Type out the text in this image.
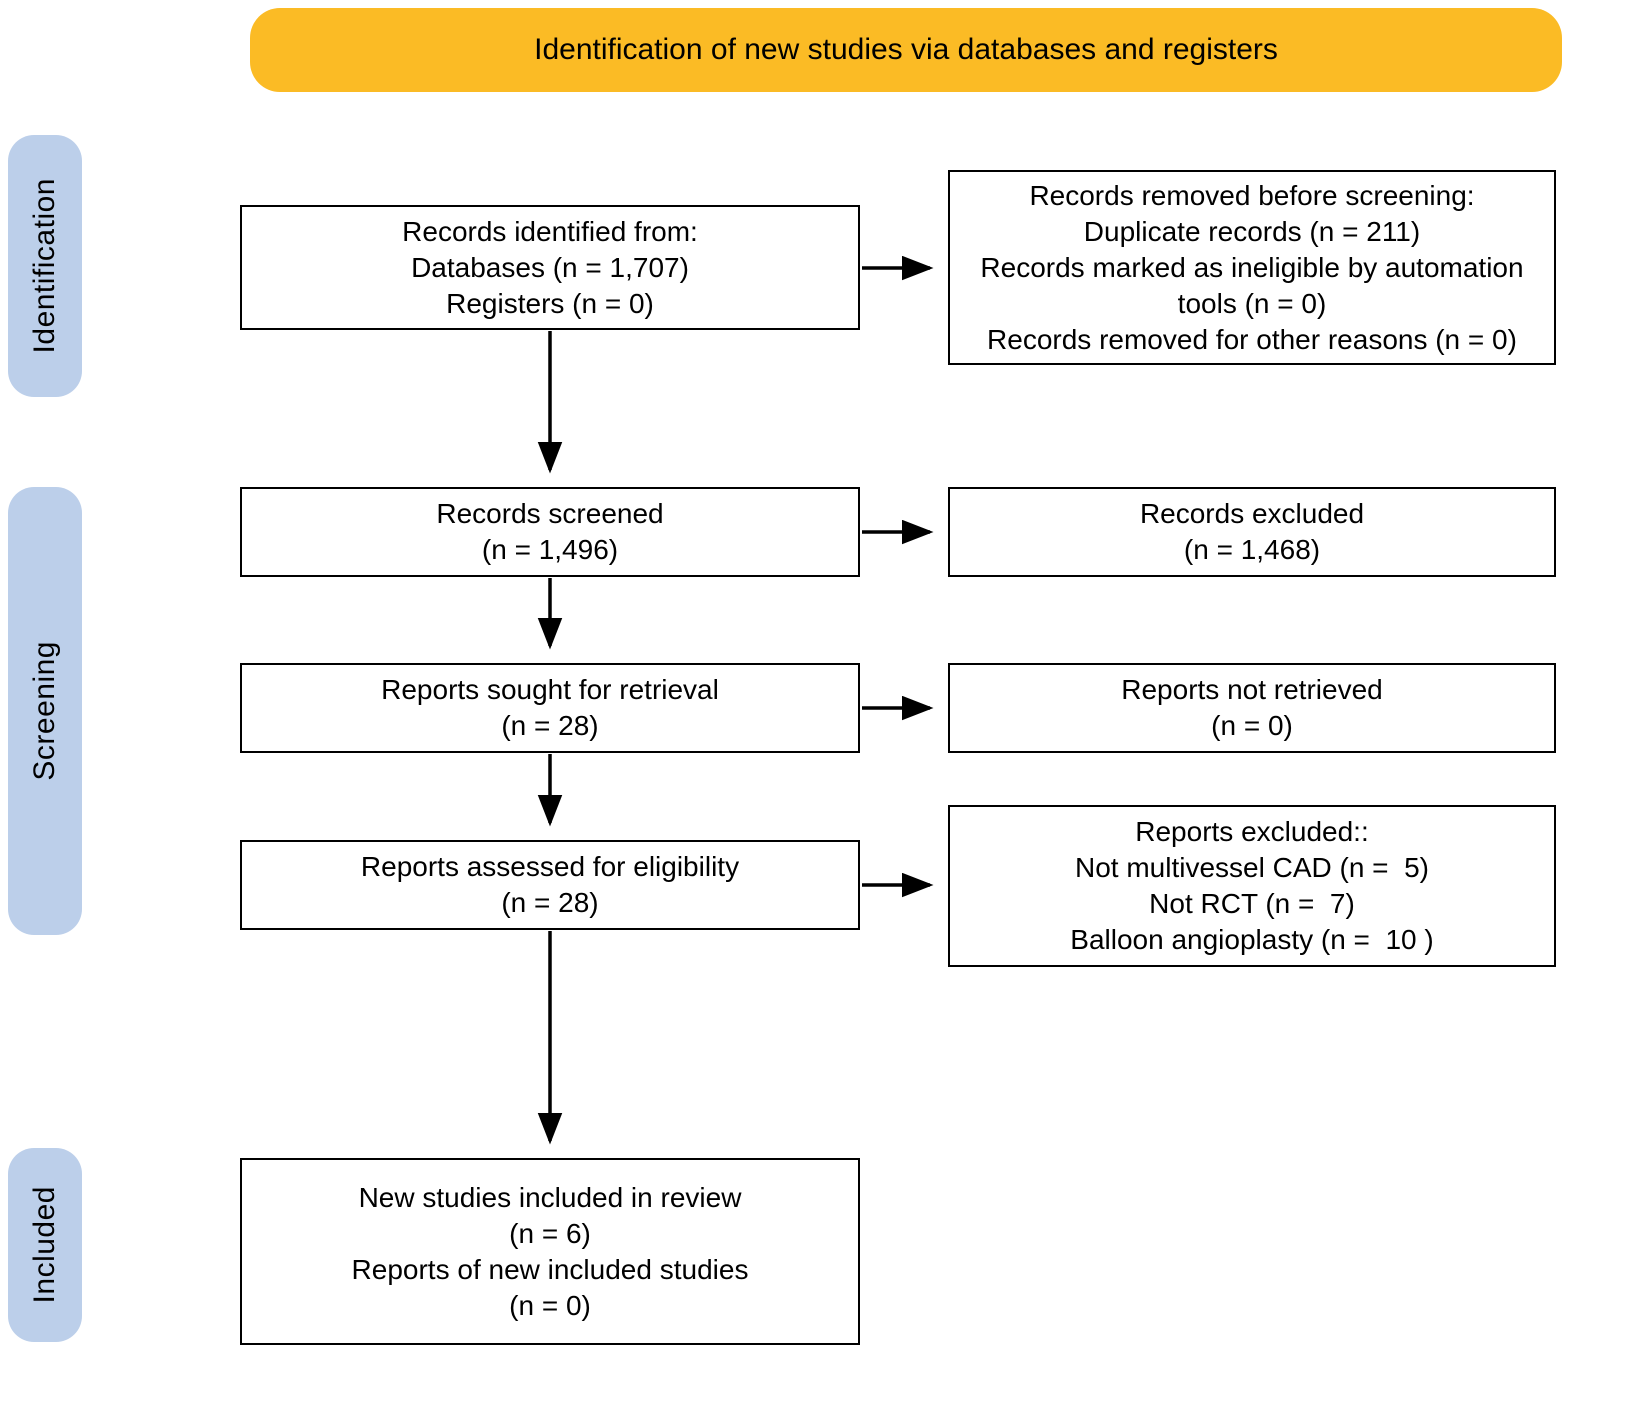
Identification of new studies via databases and registers
Identification
Screening
Included
Records identified from:
Databases (n = 1,707)
Registers (n = 0)
Records screened
(n = 1,496)
Reports sought for retrieval
(n = 28)
Reports assessed for eligibility
(n = 28)
New studies included in review
(n = 6)
Reports of new included studies
(n = 0)
Records removed before screening:
Duplicate records (n = 211)
Records marked as ineligible by automation tools (n = 0)
Records removed for other reasons (n = 0)
Records excluded
(n = 1,468)
Reports not retrieved
(n = 0)
Reports excluded::
Not multivessel CAD (n =  5)
Not RCT (n =  7)
Balloon angioplasty (n =  10 )
